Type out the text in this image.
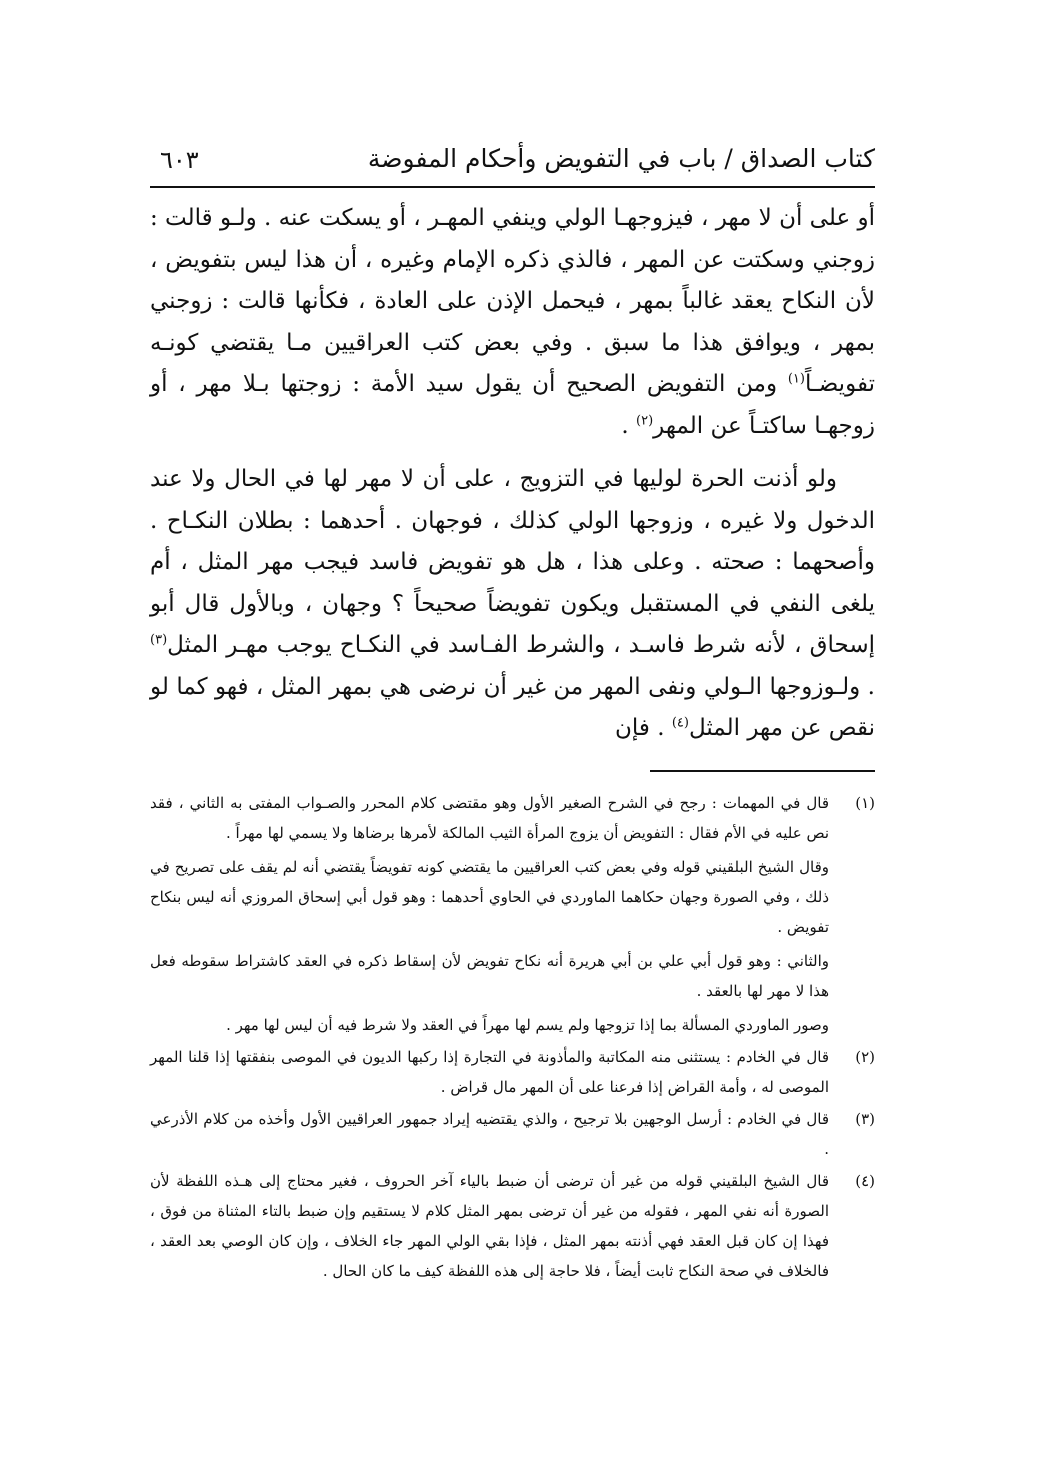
كتاب الصداق / باب في التفويض وأحكام المفوضة
٦٠٣

أو على أن لا مهر ، فيزوجهـا الولي وينفي المهـر ، أو يسكت عنه . ولـو قالت : زوجني وسكتت عن المهر ، فالذي ذكره الإمام وغيره ، أن هذا ليس بتفويض ، لأن النكاح يعقد غالباً بمهر ، فيحمل الإذن على العادة ، فكأنها قالت : زوجني بمهر ، ويوافق هذا ما سبق . وفي بعض كتب العراقيين مـا يقتضي كونـه تفويضـاً$^{(١)}$ ومن التفويض الصحيح أن يقول سيد الأمة : زوجتها بـلا مهر ، أو زوجهـا ساكتـاً عن المهر$^{(٢)}$ .

ولو أذنت الحرة لوليها في التزويج ، على أن لا مهر لها في الحال ولا عند الدخول ولا غيره ، وزوجها الولي كذلك ، فوجهان . أحدهما : بطلان النكـاح . وأصحهما : صحته . وعلى هذا ، هل هو تفويض فاسد فيجب مهر المثل ، أم يلغى النفي في المستقبل ويكون تفويضاً صحيحاً ؟ وجهان ، وبالأول قال أبو إسحاق ، لأنه شرط فاسـد ، والشرط الفـاسد في النكـاح يوجب مهـر المثل$^{(٣)}$ . ولـوزوجها الـولي ونفى المهر من غير أن نرضى هي بمهر المثل ، فهو كما لو نقص عن مهر المثل$^{(٤)}$ . فإن

(١)

قال في المهمات : رجح في الشرح الصغير الأول وهو مقتضى كلام المحرر والصـواب المفتى به الثاني ، فقد نص عليه في الأم فقال : التفويض أن يزوج المرأة الثيب المالكة لأمرها برضاها ولا يسمي لها مهراً .

وقال الشيخ البلقيني قوله وفي بعض كتب العراقيين ما يقتضي كونه تفويضاً يقتضي أنه لم يقف على تصريح في ذلك ، وفي الصورة وجهان حكاهما الماوردي في الحاوي أحدهما : وهو قول أبي إسحاق المروزي أنه ليس بنكاح تفويض .

والثاني : وهو قول أبي علي بن أبي هريرة أنه نكاح تفويض لأن إسقاط ذكره في العقد كاشتراط سقوطه فعل هذا لا مهر لها بالعقد .

وصور الماوردي المسألة بما إذا تزوجها ولم يسم لها مهراً في العقد ولا شرط فيه أن ليس لها مهر .

(٢)

قال في الخادم : يستثنى منه المكاتبة والمأذونة في التجارة إذا ركبها الديون في الموصى بنفقتها إذا قلنا المهر الموصى له ، وأمة القراض إذا فرعنا على أن المهر مال قراض .

(٣)

قال في الخادم : أرسل الوجهين بلا ترجيح ، والذي يقتضيه إيراد جمهور العراقيين الأول وأخذه من كلام الأذرعي .

(٤)

قال الشيخ البلقيني قوله من غير أن ترضى أن ضبط بالياء آخر الحروف ، فغير محتاج إلى هـذه اللفظة لأن الصورة أنه نفي المهر ، فقوله من غير أن ترضى بمهر المثل كلام لا يستقيم وإن ضبط بالتاء المثناة من فوق ، فهذا إن كان قبل العقد فهي أذنته بمهر المثل ، فإذا بقي الولي المهر جاء الخلاف ، وإن كان الوصي بعد العقد ، فالخلاف في صحة النكاح ثابت أيضاً ، فلا حاجة إلى هذه اللفظة كيف ما كان الحال .
